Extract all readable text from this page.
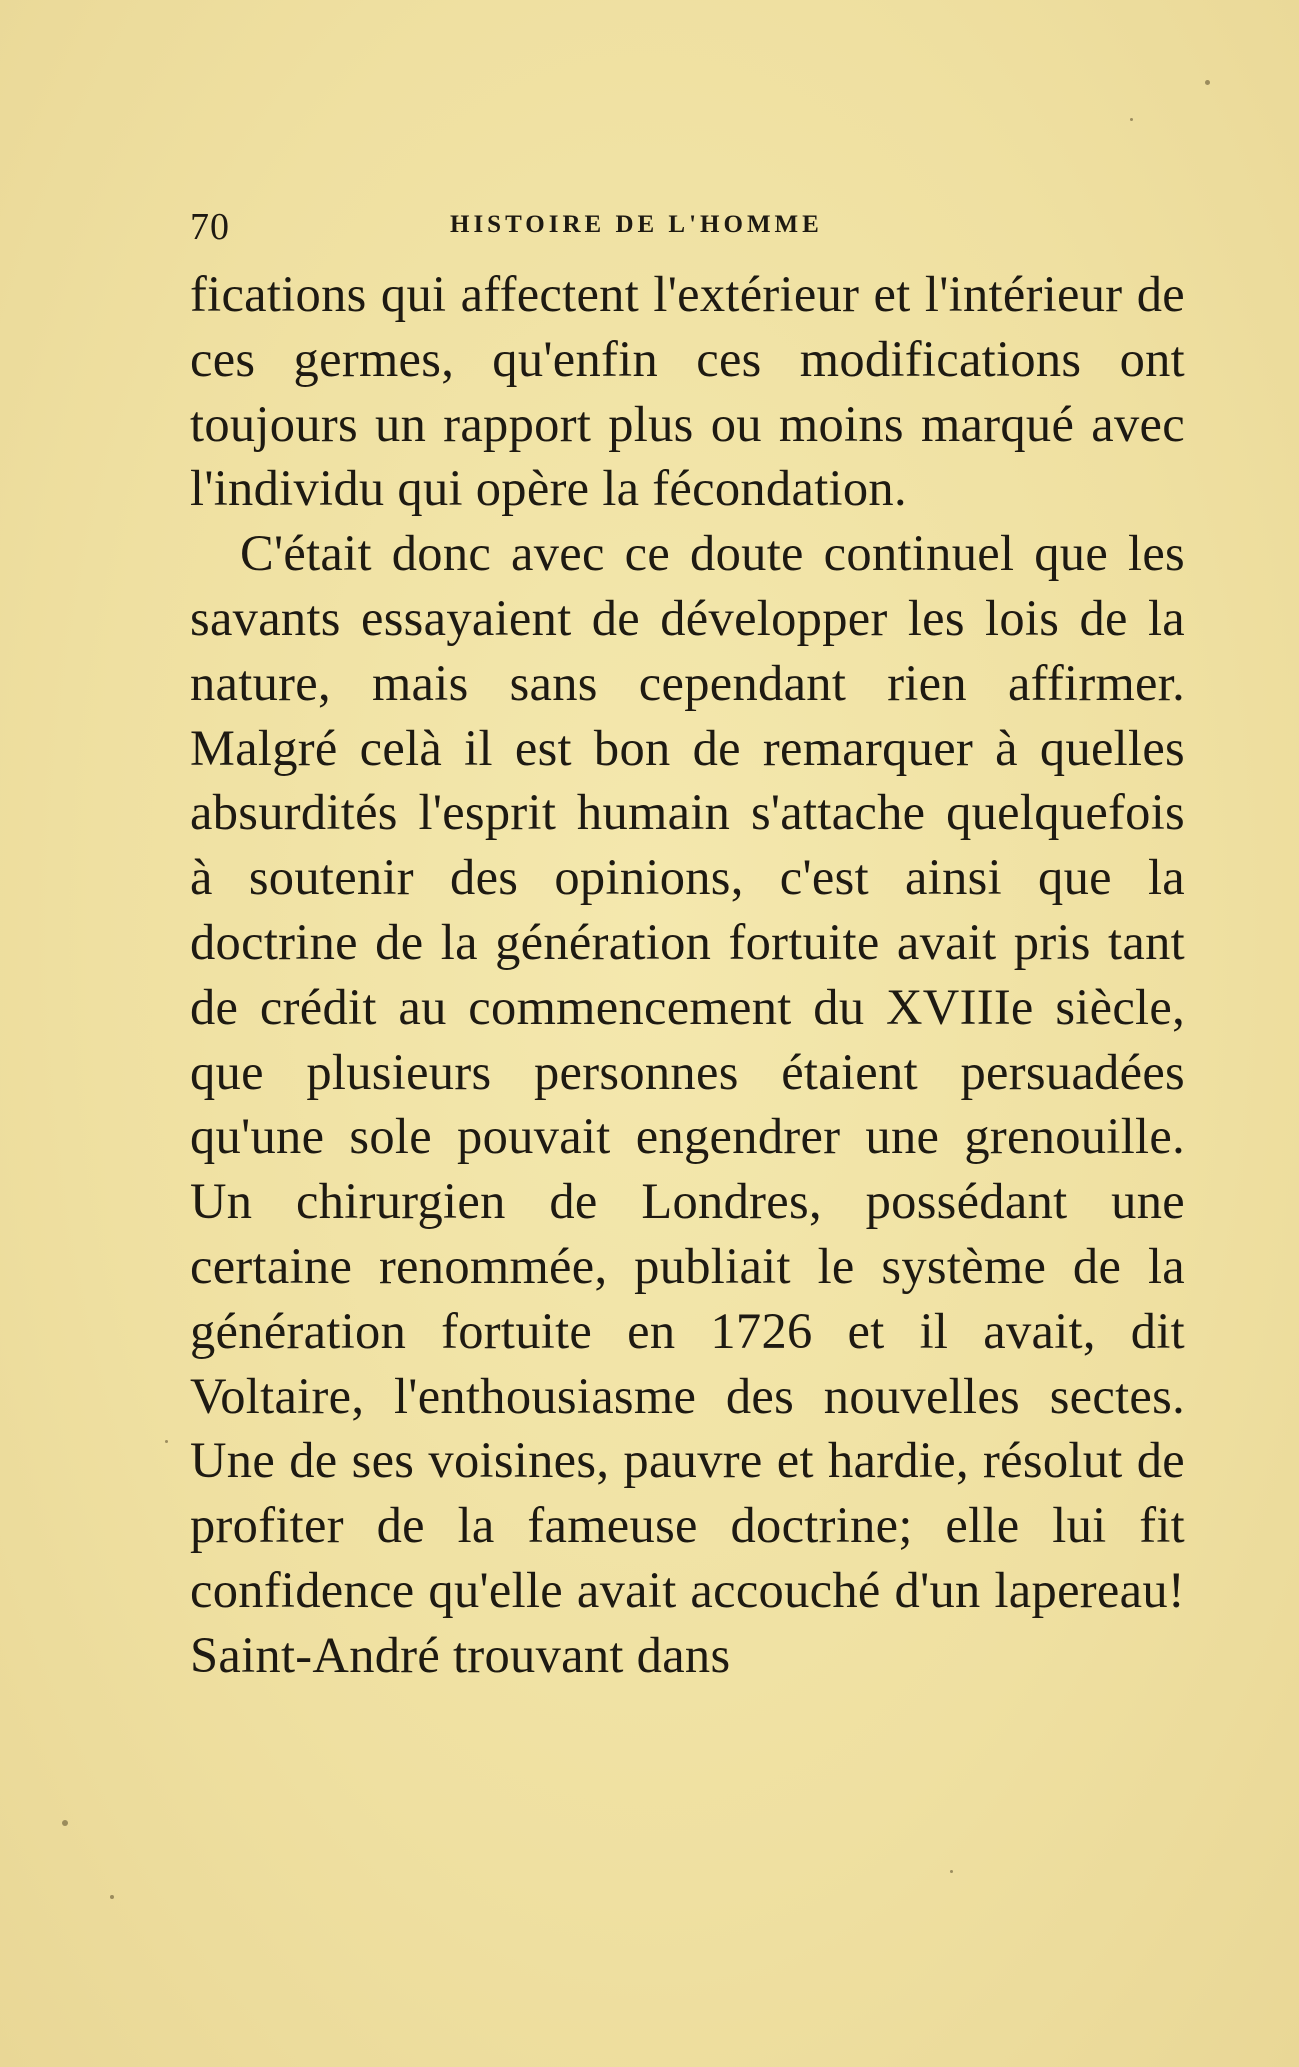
70	HISTOIRE DE L'HOMME

fications qui affectent l'extérieur et l'intérieur de ces germes, qu'enfin ces modifications ont toujours un rapport plus ou moins marqué avec l'individu qui opère la fécondation.

C'était donc avec ce doute continuel que les savants essayaient de développer les lois de la nature, mais sans cependant rien affirmer. Malgré celà il est bon de remarquer à quelles absurdités l'esprit humain s'attache quelquefois à soutenir des opinions, c'est ainsi que la doctrine de la génération fortuite avait pris tant de crédit au commencement du XVIIIe siècle, que plusieurs personnes étaient persuadées qu'une sole pouvait engendrer une grenouille. Un chirurgien de Londres, possédant une certaine renommée, publiait le système de la génération fortuite en 1726 et il avait, dit Voltaire, l'enthousiasme des nouvelles sectes. Une de ses voisines, pauvre et hardie, résolut de profiter de la fameuse doctrine; elle lui fit confidence qu'elle avait accouché d'un lapereau! Saint-André trouvant dans
